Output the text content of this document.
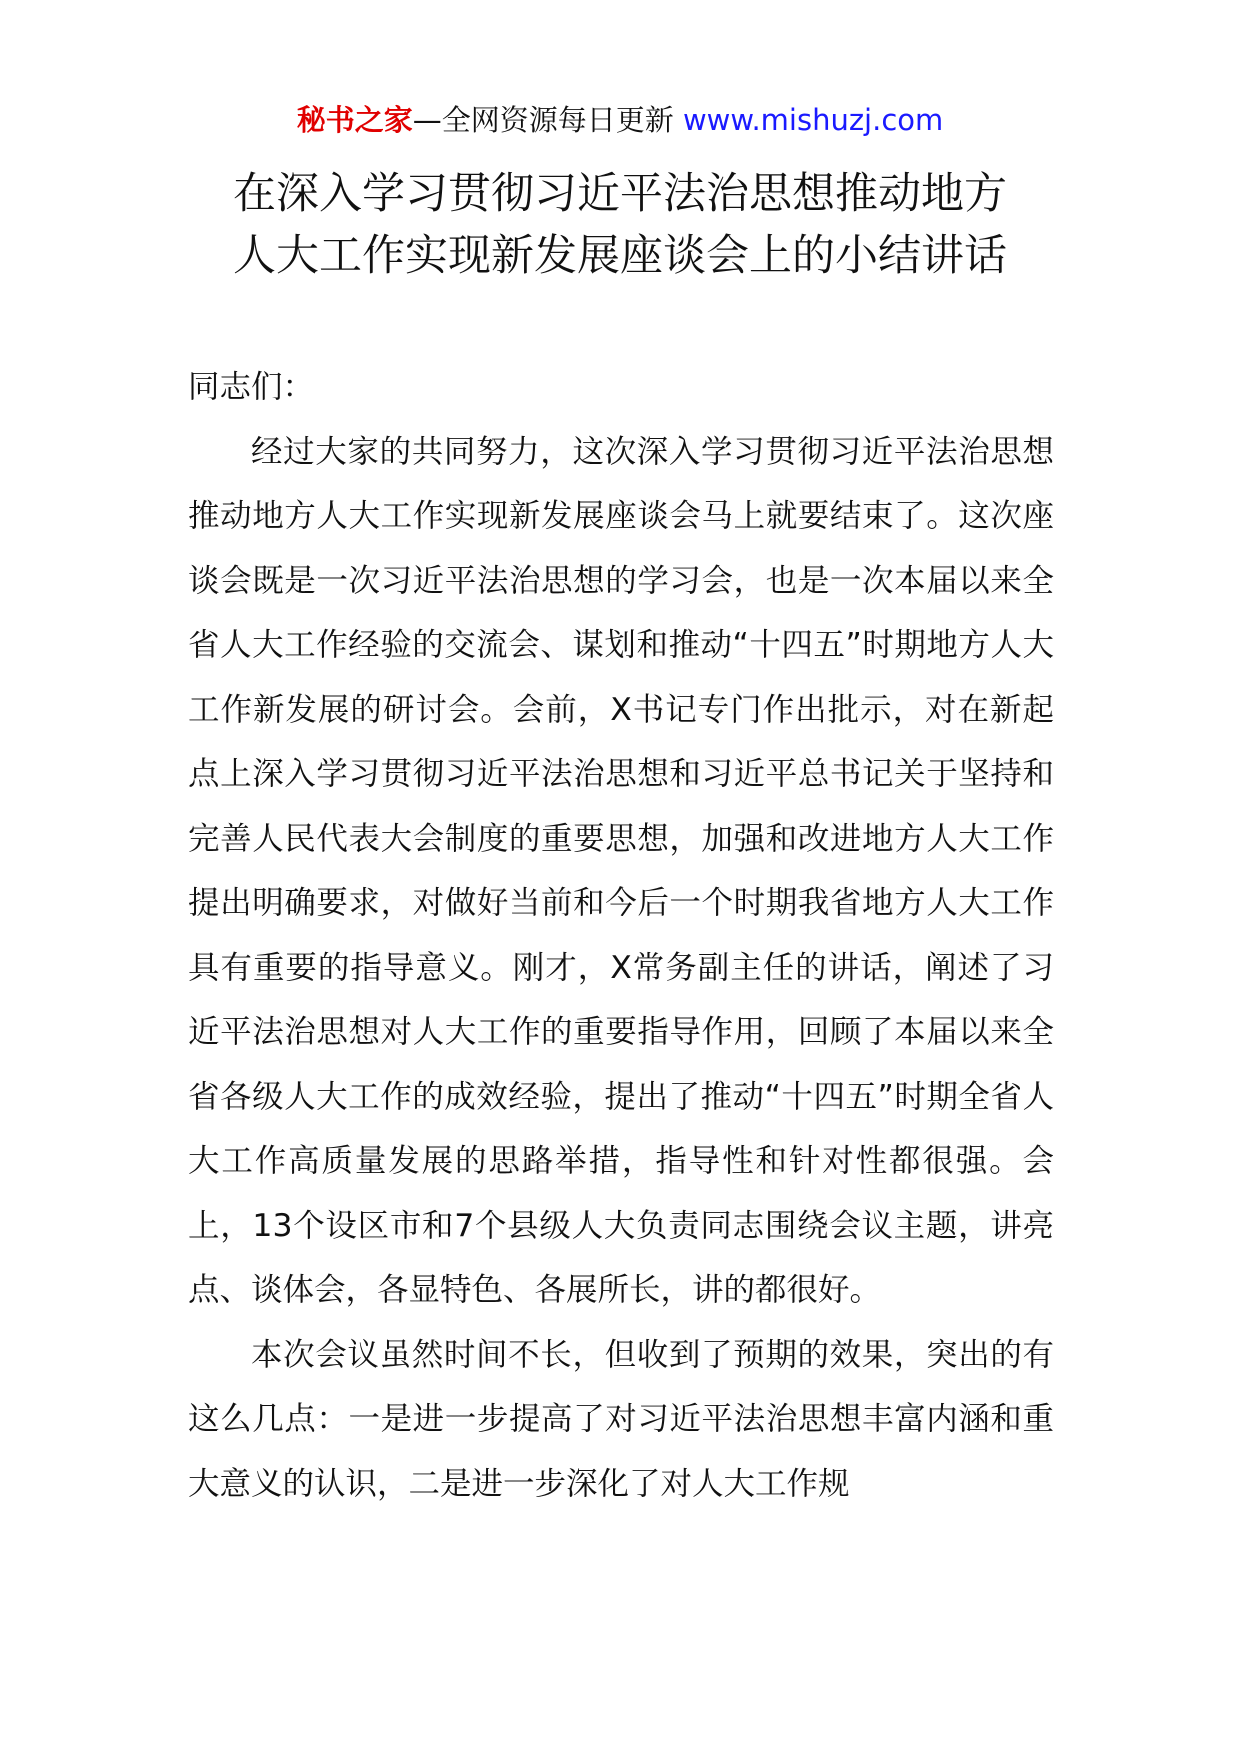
秘书之家—全网资源每日更新 www.mishuzj.com
在深入学习贯彻习近平法治思想推动地方
人大工作实现新发展座谈会上的小结讲话

同志们：

经过大家的共同努力，这次深入学习贯彻习近平法治思想推动地方人大工作实现新发展座谈会马上就要结束了。这次座谈会既是一次习近平法治思想的学习会，也是一次本届以来全省人大工作经验的交流会、谋划和推动“十四五”时期地方人大工作新发展的研讨会。会前，X书记专门作出批示，对在新起点上深入学习贯彻习近平法治思想和习近平总书记关于坚持和完善人民代表大会制度的重要思想，加强和改进地方人大工作提出明确要求，对做好当前和今后一个时期我省地方人大工作具有重要的指导意义。刚才，X常务副主任的讲话，阐述了习近平法治思想对人大工作的重要指导作用，回顾了本届以来全省各级人大工作的成效经验，提出了推动“十四五”时期全省人大工作高质量发展的思路举措，指导性和针对性都很强。会上，13个设区市和7个县级人大负责同志围绕会议主题，讲亮点、谈体会，各显特色、各展所长，讲的都很好。

本次会议虽然时间不长，但收到了预期的效果，突出的有这么几点：一是进一步提高了对习近平法治思想丰富内涵和重大意义的认识，二是进一步深化了对人大工作规
